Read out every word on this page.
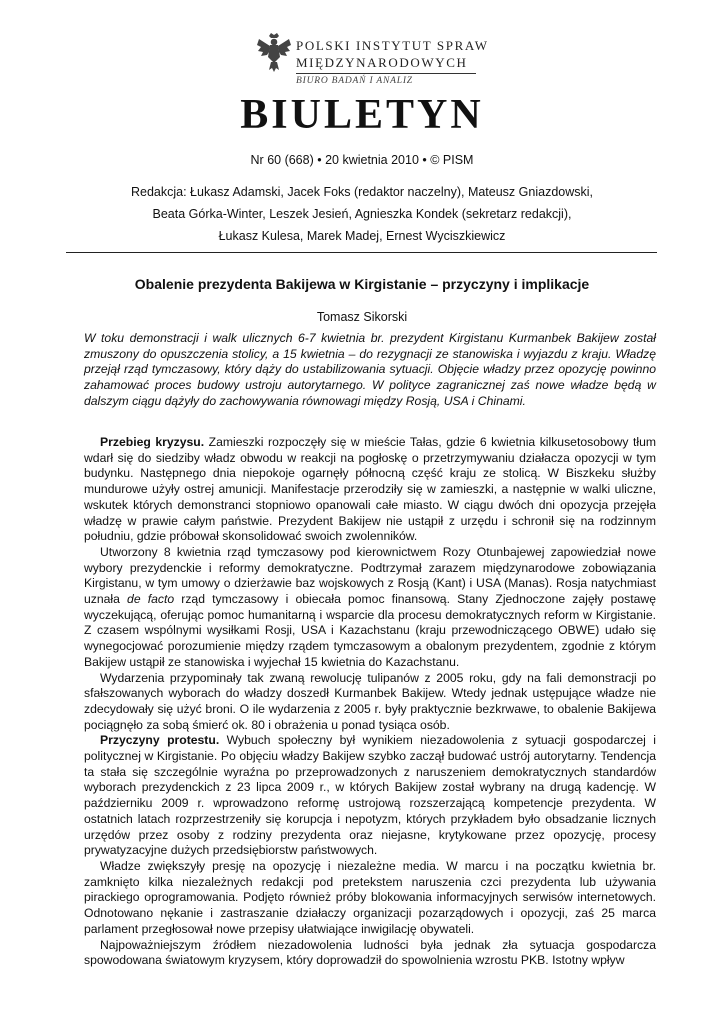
POLSKI INSTYTUT SPRAW
MIĘDZYNARODOWYCH
BIURO BADAŃ I ANALIZ
BIULETYN
Nr 60 (668) • 20 kwietnia 2010 • © PISM
Redakcja: Łukasz Adamski, Jacek Foks (redaktor naczelny), Mateusz Gniazdowski,
Beata Górka-Winter, Leszek Jesień, Agnieszka Kondek (sekretarz redakcji),
Łukasz Kulesa, Marek Madej, Ernest Wyciszkiewicz
Obalenie prezydenta Bakijewa w Kirgistanie – przyczyny i implikacje
Tomasz Sikorski
W toku demonstracji i walk ulicznych 6-7 kwietnia br. prezydent Kirgistanu Kurmanbek Bakijew został zmuszony do opuszczenia stolicy, a 15 kwietnia – do rezygnacji ze stanowiska i wyjazdu z kraju. Władzę przejął rząd tymczasowy, który dąży do ustabilizowania sytuacji. Objęcie władzy przez opozycję powinno zahamować proces budowy ustroju autorytarnego. W polityce zagranicznej zaś nowe władze będą w dalszym ciągu dążyły do zachowywania równowagi między Rosją, USA i Chinami.

Przebieg kryzysu. Zamieszki rozpoczęły się w mieście Tałas, gdzie 6 kwietnia kilkusetosobowy tłum wdarł się do siedziby władz obwodu w reakcji na pogłoskę o przetrzymywaniu działacza opozycji w tym budynku. Następnego dnia niepokoje ogarnęły północną część kraju ze stolicą. W Biszkeku służby mundurowe użyły ostrej amunicji. Manifestacje przerodziły się w zamieszki, a następnie w walki uliczne, wskutek których demonstranci stopniowo opanowali całe miasto. W ciągu dwóch dni opozycja przejęła władzę w prawie całym państwie. Prezydent Bakijew nie ustąpił z urzędu i schronił się na rodzinnym południu, gdzie próbował skonsolidować swoich zwolenników.

Utworzony 8 kwietnia rząd tymczasowy pod kierownictwem Rozy Otunbajewej zapowiedział nowe wybory prezydenckie i reformy demokratyczne. Podtrzymał zarazem międzynarodowe zobowiązania Kirgistanu, w tym umowy o dzierżawie baz wojskowych z Rosją (Kant) i USA (Manas). Rosja natychmiast uznała de facto rząd tymczasowy i obiecała pomoc finansową. Stany Zjednoczone zajęły postawę wyczekującą, oferując pomoc humanitarną i wsparcie dla procesu demokratycznych reform w Kirgistanie. Z czasem wspólnymi wysiłkami Rosji, USA i Kazachstanu (kraju przewodniczącego OBWE) udało się wynegocjować porozumienie między rządem tymczasowym a obalonym prezydentem, zgodnie z którym Bakijew ustąpił ze stanowiska i wyjechał 15 kwietnia do Kazachstanu.

Wydarzenia przypominały tak zwaną rewolucję tulipanów z 2005 roku, gdy na fali demonstracji po sfałszowanych wyborach do władzy doszedł Kurmanbek Bakijew. Wtedy jednak ustępujące władze nie zdecydowały się użyć broni. O ile wydarzenia z 2005 r. były praktycznie bezkrwawe, to obalenie Bakijewa pociągnęło za sobą śmierć ok. 80 i obrażenia u ponad tysiąca osób.

Przyczyny protestu. Wybuch społeczny był wynikiem niezadowolenia z sytuacji gospodarczej i politycznej w Kirgistanie. Po objęciu władzy Bakijew szybko zaczął budować ustrój autorytarny. Tendencja ta stała się szczególnie wyraźna po przeprowadzonych z naruszeniem demokratycznych standardów wyborach prezydenckich z 23 lipca 2009 r., w których Bakijew został wybrany na drugą kadencję. W październiku 2009 r. wprowadzono reformę ustrojową rozszerzającą kompetencje prezydenta. W ostatnich latach rozprzestrzeniły się korupcja i nepotyzm, których przykładem było obsadzanie licznych urzędów przez osoby z rodziny prezydenta oraz niejasne, krytykowane przez opozycję, procesy prywatyzacyjne dużych przedsiębiorstw państwowych.

Władze zwiększyły presję na opozycję i niezależne media. W marcu i na początku kwietnia br. zamknięto kilka niezależnych redakcji pod pretekstem naruszenia czci prezydenta lub używania pirackiego oprogramowania. Podjęto również próby blokowania informacyjnych serwisów internetowych. Odnotowano nękanie i zastraszanie działaczy organizacji pozarządowych i opozycji, zaś 25 marca parlament przegłosował nowe przepisy ułatwiające inwigilację obywateli.

Najpoważniejszym źródłem niezadowolenia ludności była jednak zła sytuacja gospodarcza spowodowana światowym kryzysem, który doprowadził do spowolnienia wzrostu PKB. Istotny wpływ
